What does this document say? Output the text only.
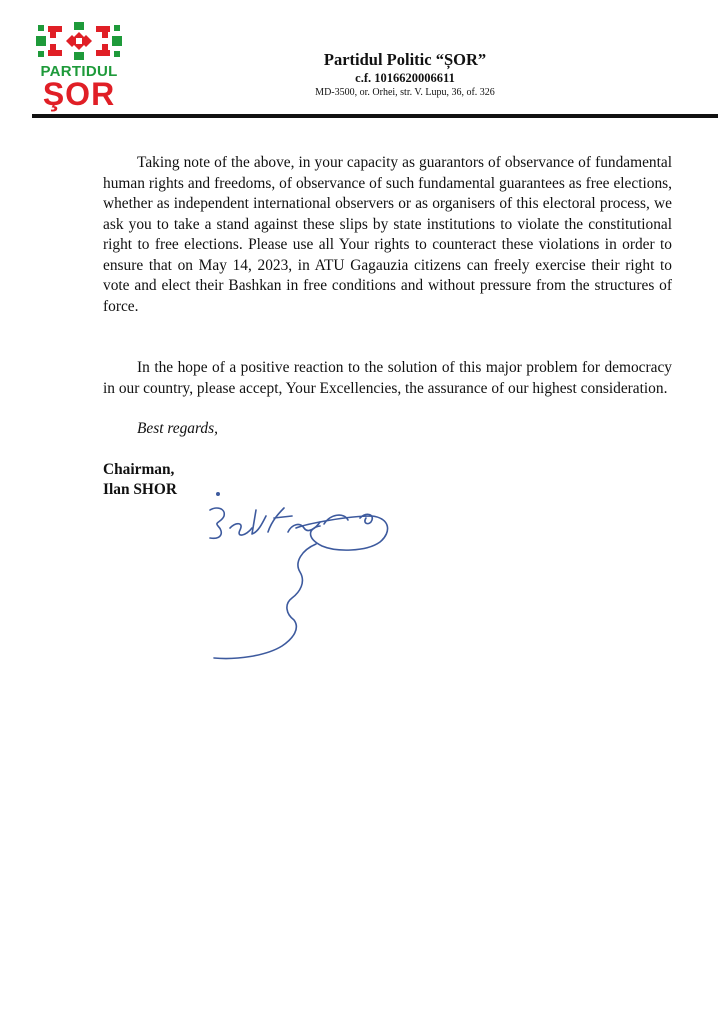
PARTIDUL
ŞOR
Partidul Politic “ȘOR”
c.f. 1016620006611
MD-3500, or. Orhei, str. V. Lupu, 36, of. 326

Taking note of the above, in your capacity as guarantors of observance of fundamental human rights and freedoms, of observance of such fundamental guarantees as free elections, whether as independent international observers or as organisers of this electoral process, we ask you to take a stand against these slips by state institutions to violate the constitutional right to free elections. Please use all Your rights to counteract these violations in order to ensure that on May 14, 2023, in ATU Gagauzia citizens can freely exercise their right to vote and elect their Bashkan in free conditions and without pressure from the structures of force.

In the hope of a positive reaction to the solution of this major problem for democracy in our country, please accept, Your Excellencies, the assurance of our highest consideration.

Best regards,
Chairman,
Ilan SHOR
